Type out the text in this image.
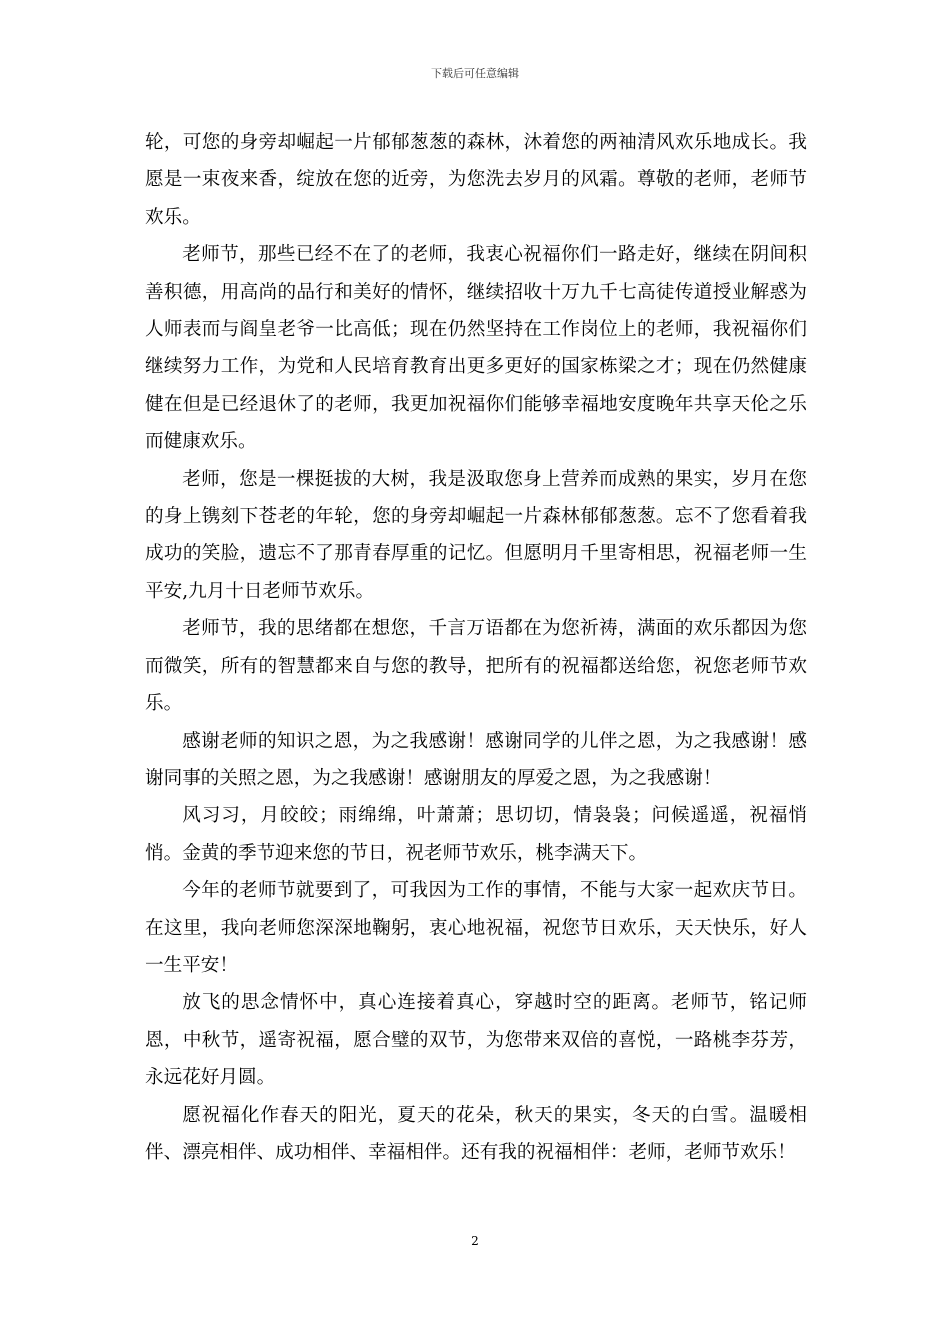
下载后可任意编辑

轮，可您的身旁却崛起一片郁郁葱葱的森林，沐着您的两袖清风欢乐地成长。我愿是一束夜来香，绽放在您的近旁，为您洗去岁月的风霜。尊敬的老师，老师节欢乐。

老师节，那些已经不在了的老师，我衷心祝福你们一路走好，继续在阴间积善积德，用高尚的品行和美好的情怀，继续招收十万九千七高徒传道授业解惑为人师表而与阎皇老爷一比高低；现在仍然坚持在工作岗位上的老师，我祝福你们继续努力工作，为党和人民培育教育出更多更好的国家栋梁之才；现在仍然健康健在但是已经退休了的老师，我更加祝福你们能够幸福地安度晚年共享天伦之乐而健康欢乐。

老师，您是一棵挺拔的大树，我是汲取您身上营养而成熟的果实，岁月在您的身上镌刻下苍老的年轮，您的身旁却崛起一片森林郁郁葱葱。忘不了您看着我成功的笑脸，遗忘不了那青春厚重的记忆。但愿明月千里寄相思，祝福老师一生平安,九月十日老师节欢乐。

老师节，我的思绪都在想您，千言万语都在为您祈祷，满面的欢乐都因为您而微笑，所有的智慧都来自与您的教导，把所有的祝福都送给您，祝您老师节欢乐。

感谢老师的知识之恩，为之我感谢！感谢同学的儿伴之恩，为之我感谢！感谢同事的关照之恩，为之我感谢！感谢朋友的厚爱之恩，为之我感谢！

风习习，月皎皎；雨绵绵，叶萧萧；思切切，情袅袅；问候遥遥，祝福悄悄。金黄的季节迎来您的节日，祝老师节欢乐，桃李满天下。

今年的老师节就要到了，可我因为工作的事情，不能与大家一起欢庆节日。在这里，我向老师您深深地鞠躬，衷心地祝福，祝您节日欢乐，天天快乐，好人一生平安！

放飞的思念情怀中，真心连接着真心，穿越时空的距离。老师节，铭记师恩，中秋节，遥寄祝福，愿合璧的双节，为您带来双倍的喜悦，一路桃李芬芳，永远花好月圆。

愿祝福化作春天的阳光，夏天的花朵，秋天的果实，冬天的白雪。温暖相伴、漂亮相伴、成功相伴、幸福相伴。还有我的祝福相伴：老师，老师节欢乐！

2
